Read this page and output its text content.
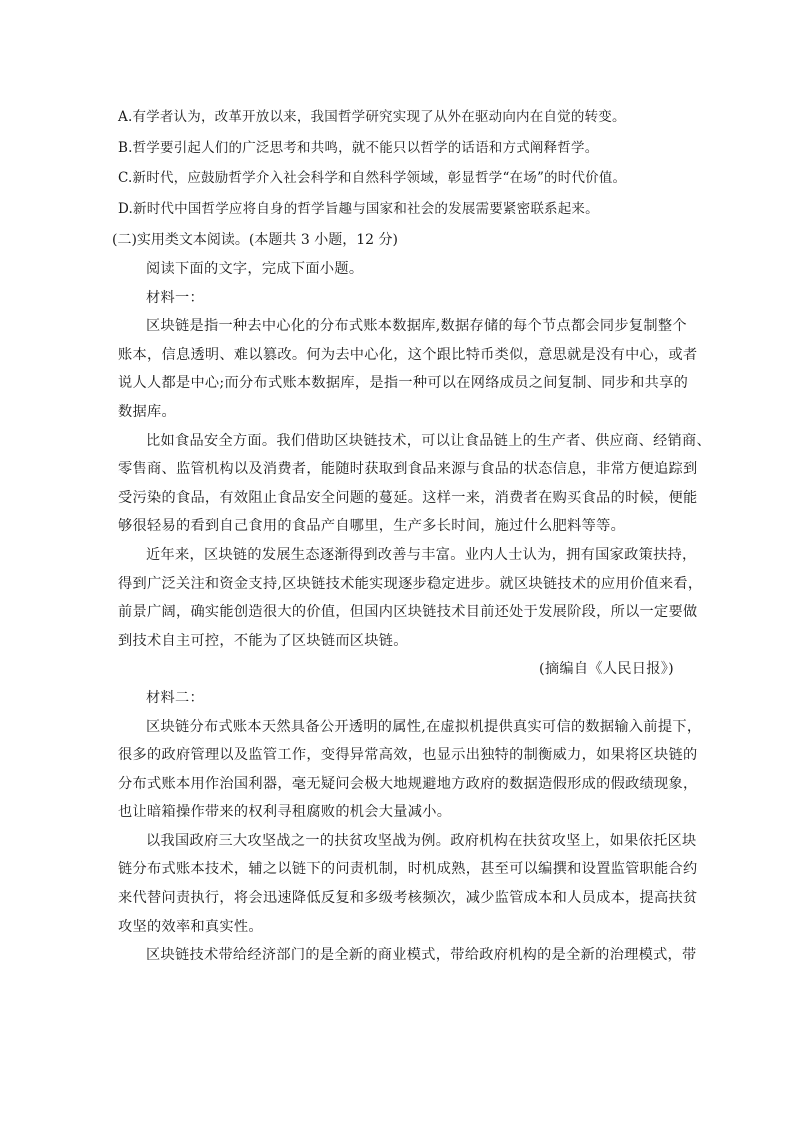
A.有学者认为，改革开放以来，我国哲学研究实现了从外在驱动向内在自觉的转变。
B.哲学要引起人们的广泛思考和共鸣，就不能只以哲学的话语和方式阐释哲学。
C.新时代，应鼓励哲学介入社会科学和自然科学领域，彰显哲学“在场”的时代价值。
D.新时代中国哲学应将自身的哲学旨趣与国家和社会的发展需要紧密联系起来。
(二)实用类文本阅读。(本题共 3 小题，12 分)
阅读下面的文字，完成下面小题。
材料一：
区块链是指一种去中心化的分布式账本数据库,数据存储的每个节点都会同步复制整个
账本，信息透明、难以篡改。何为去中心化，这个跟比特币类似，意思就是没有中心，或者
说人人都是中心;而分布式账本数据库，是指一种可以在网络成员之间复制、同步和共享的
数据库。
比如食品安全方面。我们借助区块链技术，可以让食品链上的生产者、供应商、经销商、
零售商、监管机构以及消费者，能随时获取到食品来源与食品的状态信息，非常方便追踪到
受污染的食品，有效阻止食品安全问题的蔓延。这样一来，消费者在购买食品的时候，便能
够很轻易的看到自己食用的食品产自哪里，生产多长时间，施过什么肥料等等。
近年来，区块链的发展生态逐渐得到改善与丰富。业内人士认为，拥有国家政策扶持，
得到广泛关注和资金支持,区块链技术能实现逐步稳定进步。就区块链技术的应用价值来看，
前景广阔，确实能创造很大的价值，但国内区块链技术目前还处于发展阶段，所以一定要做
到技术自主可控，不能为了区块链而区块链。
(摘编自《人民日报》)
材料二：
区块链分布式账本天然具备公开透明的属性,在虚拟机提供真实可信的数据输入前提下，
很多的政府管理以及监管工作，变得异常高效，也显示出独特的制衡威力，如果将区块链的
分布式账本用作治国利器，毫无疑问会极大地规避地方政府的数据造假形成的假政绩现象，
也让暗箱操作带来的权利寻租腐败的机会大量减小。
以我国政府三大攻坚战之一的扶贫攻坚战为例。政府机构在扶贫攻坚上，如果依托区块
链分布式账本技术，辅之以链下的问责机制，时机成熟，甚至可以编撰和设置监管职能合约
来代替问责执行，将会迅速降低反复和多级考核频次，减少监管成本和人员成本，提高扶贫
攻坚的效率和真实性。
区块链技术带给经济部门的是全新的商业模式，带给政府机构的是全新的治理模式，带
